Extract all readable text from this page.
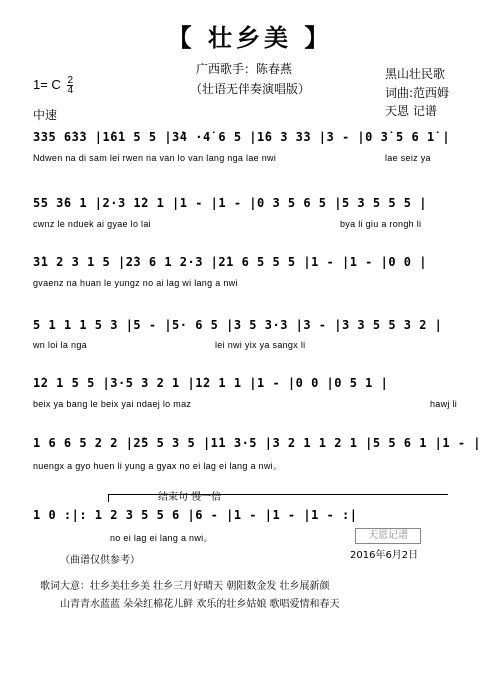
【 壮乡美 】
广西歌手：陈春燕
（壮语无伴奏演唱版）
1= C $\frac{2}{4}$
黑山壮民歌
词曲:范西姆
天恩 记谱
中速
335 6̇3̇3 |1̇6̇1 5 5 |3̇4 ·4̇ 6 5 |1̇6 3 3̇3 |3 - |0 3̇ 5 6 1̇ |
Ndwen na di sam lei rwen na van lo van lang nga lae nwi	lae seiz ya
55 3̇6 1 |2·3 1̇2 1 |1 - |1 - |0 3 5 6 5 |5 3 5 5 5 |
cwnz le nduek ai gyae lo lai	bya li giu a rongh li
3̇1 2 3 1 5 |2̇3 6 1 2·3 |2̇1 6 5 5 5 |1 - |1 - |0 0 |
gvaenz na huan le yungz no ai lag wi lang a nwi
5 1 1 1 5 3 |5 - |5· 6 5 |3 5 3·3 |3 - |3 3 5 5 3 2 |
wn loi la nga	lei nwi yix ya sangx li
1̇2 1 5 5 |3·5 3 2 1 |1̇2 1 1 |1 - |0 0 |0 5 1 |
beix ya bang le beix yai ndaej lo maz	hawj li
1 6 6 5 2 2 |2̇5 5 3 5 |1̇1 3·5 |3 2 1 1 2 1 |5 5 6 1 |1 - |
nuengx a gyo huen li yung a gyax no ei lag ei lang a nwi。
结束句 慢一倍
1 0 :|: 1 2 3 5 5 6 |6 - |1 - |1 - |1 - :|
no ei lag ei lang a nwi。	天恩记谱
2016年6月2日
（曲谱仅供参考）
歌词大意：壮乡美壮乡美 壮乡三月好晴天 朝阳数金发 壮乡展新颜
山青青水蓝蓝 朵朵红棉花儿鲜 欢乐的壮乡姑娘 歌唱爱情和春天
